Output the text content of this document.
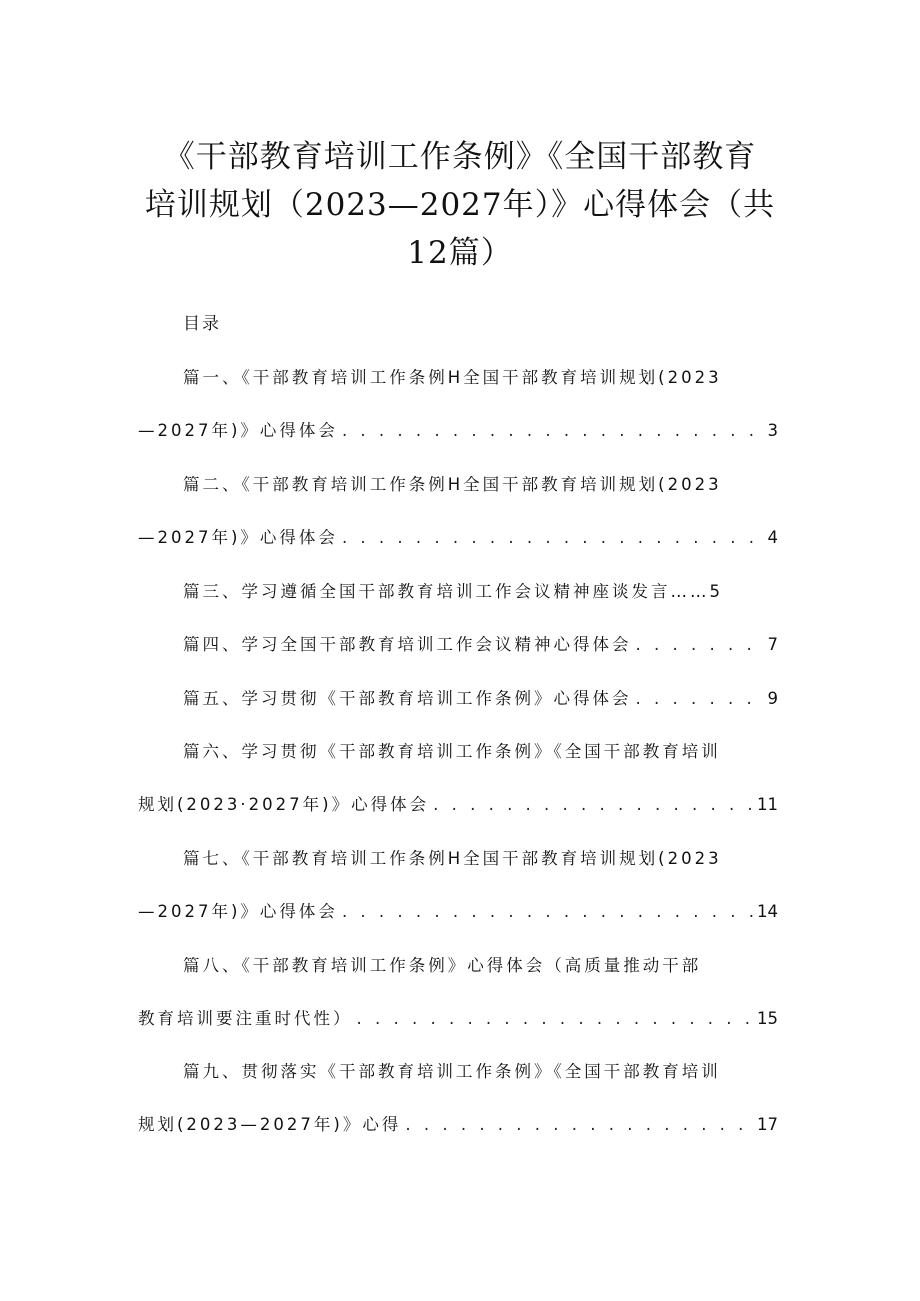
《干部教育培训工作条例》《全国干部教育
培训规划（2023—2027年）》心得体会（共
12篇）
目录
篇一、《干部教育培训工作条例H全国干部教育培训规划(2023
—2027年)》心得体会 . . .	3
篇二、《干部教育培训工作条例H全国干部教育培训规划(2023
—2027年)》心得体会 . . .	4
篇三、学习遵循全国干部教育培训工作会议精神座谈发言……5
篇四、学习全国干部教育培训工作会议精神心得体会 . . .	7
篇五、学习贯彻《干部教育培训工作条例》心得体会 . . .	9
篇六、学习贯彻《干部教育培训工作条例》《全国干部教育培训
规划(2023·2027年)》心得体会 . . .	11
篇七、《干部教育培训工作条例H全国干部教育培训规划(2023
—2027年)》心得体会 . . .	14
篇八、《干部教育培训工作条例》心得体会（高质量推动干部
教育培训要注重时代性） . . .	15
篇九、贯彻落实《干部教育培训工作条例》《全国干部教育培训
规划(2023—2027年)》心得 . . .	17
